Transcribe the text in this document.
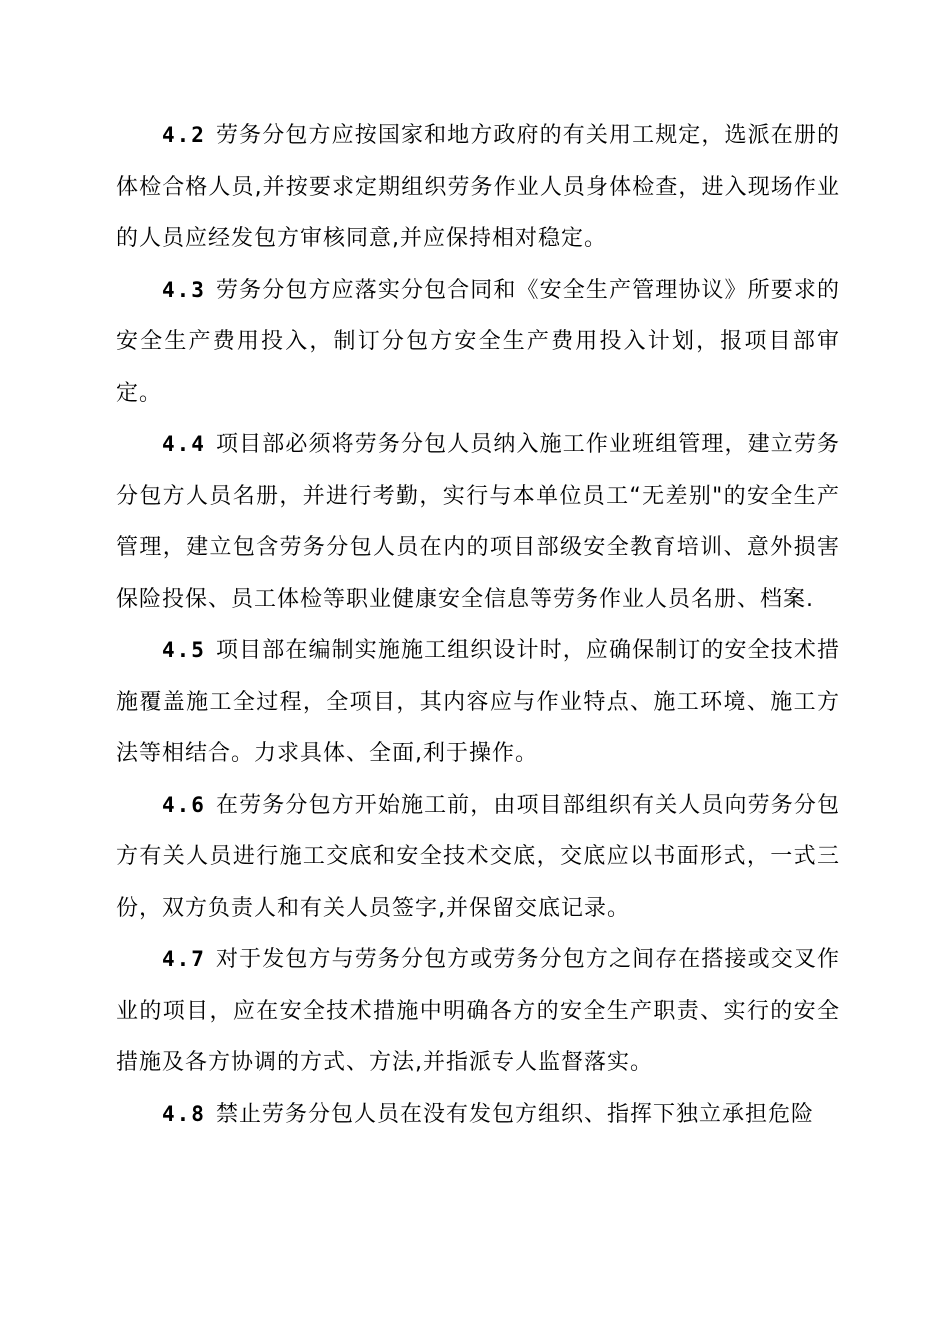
4.2 劳务分包方应按国家和地方政府的有关用工规定，选派在册的体检合格人员,并按要求定期组织劳务作业人员身体检查，进入现场作业的人员应经发包方审核同意,并应保持相对稳定。

4.3 劳务分包方应落实分包合同和《安全生产管理协议》所要求的安全生产费用投入，制订分包方安全生产费用投入计划，报项目部审定。

4.4 项目部必须将劳务分包人员纳入施工作业班组管理，建立劳务分包方人员名册，并进行考勤，实行与本单位员工“无差别"的安全生产管理，建立包含劳务分包人员在内的项目部级安全教育培训、意外损害保险投保、员工体检等职业健康安全信息等劳务作业人员名册、档案.

4.5 项目部在编制实施施工组织设计时，应确保制订的安全技术措施覆盖施工全过程，全项目，其内容应与作业特点、施工环境、施工方法等相结合。力求具体、全面,利于操作。

4.6 在劳务分包方开始施工前，由项目部组织有关人员向劳务分包方有关人员进行施工交底和安全技术交底，交底应以书面形式，一式三份，双方负责人和有关人员签字,并保留交底记录。

4.7 对于发包方与劳务分包方或劳务分包方之间存在搭接或交叉作业的项目，应在安全技术措施中明确各方的安全生产职责、实行的安全措施及各方协调的方式、方法,并指派专人监督落实。

4.8 禁止劳务分包人员在没有发包方组织、指挥下独立承担危险
